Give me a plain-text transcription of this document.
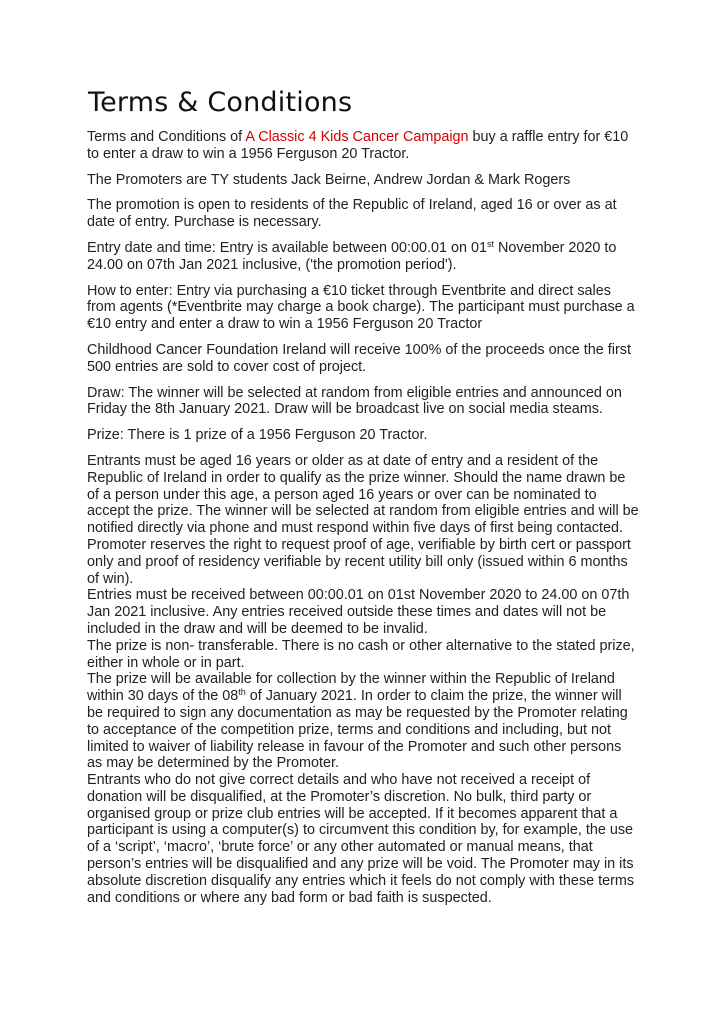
Terms & Conditions

Terms and Conditions of A Classic 4 Kids Cancer Campaign buy a raffle entry for €10 to enter a draw to win a 1956 Ferguson 20 Tractor.

The Promoters are TY students Jack Beirne, Andrew Jordan & Mark Rogers

The promotion is open to residents of the Republic of Ireland, aged 16 or over as at date of entry. Purchase is necessary.

Entry date and time: Entry is available between 00:00.01 on 01st November 2020 to 24.00 on 07th Jan 2021 inclusive, ('the promotion period').

How to enter: Entry via purchasing a €10 ticket through Eventbrite and direct sales from agents (*Eventbrite may charge a book charge). The participant must purchase a €10 entry and enter a draw to win a 1956 Ferguson 20 Tractor

Childhood Cancer Foundation Ireland will receive 100% of the proceeds once the first 500 entries are sold to cover cost of project.

Draw: The winner will be selected at random from eligible entries and announced on Friday the 8th January 2021. Draw will be broadcast live on social media steams.

Prize: There is 1 prize of a 1956 Ferguson 20 Tractor.

Entrants must be aged 16 years or older as at date of entry and a resident of the Republic of Ireland in order to qualify as the prize winner. Should the name drawn be of a person under this age, a person aged 16 years or over can be nominated to accept the prize. The winner will be selected at random from eligible entries and will be notified directly via phone and must respond within five days of first being contacted.

Promoter reserves the right to request proof of age, verifiable by birth cert or passport only and proof of residency verifiable by recent utility bill only (issued within 6 months of win).

Entries must be received between 00:00.01 on 01st November 2020 to 24.00 on 07th Jan 2021 inclusive. Any entries received outside these times and dates will not be included in the draw and will be deemed to be invalid.

The prize is non- transferable. There is no cash or other alternative to the stated prize, either in whole or in part.

The prize will be available for collection by the winner within the Republic of Ireland within 30 days of the 08th of January 2021. In order to claim the prize, the winner will be required to sign any documentation as may be requested by the Promoter relating to acceptance of the competition prize, terms and conditions and including, but not limited to waiver of liability release in favour of the Promoter and such other persons as may be determined by the Promoter.

Entrants who do not give correct details and who have not received a receipt of donation will be disqualified, at the Promoter’s discretion. No bulk, third party or organised group or prize club entries will be accepted. If it becomes apparent that a participant is using a computer(s) to circumvent this condition by, for example, the use of a ‘script’, ‘macro’, ‘brute force’ or any other automated or manual means, that person’s entries will be disqualified and any prize will be void. The Promoter may in its absolute discretion disqualify any entries which it feels do not comply with these terms and conditions or where any bad form or bad faith is suspected.
